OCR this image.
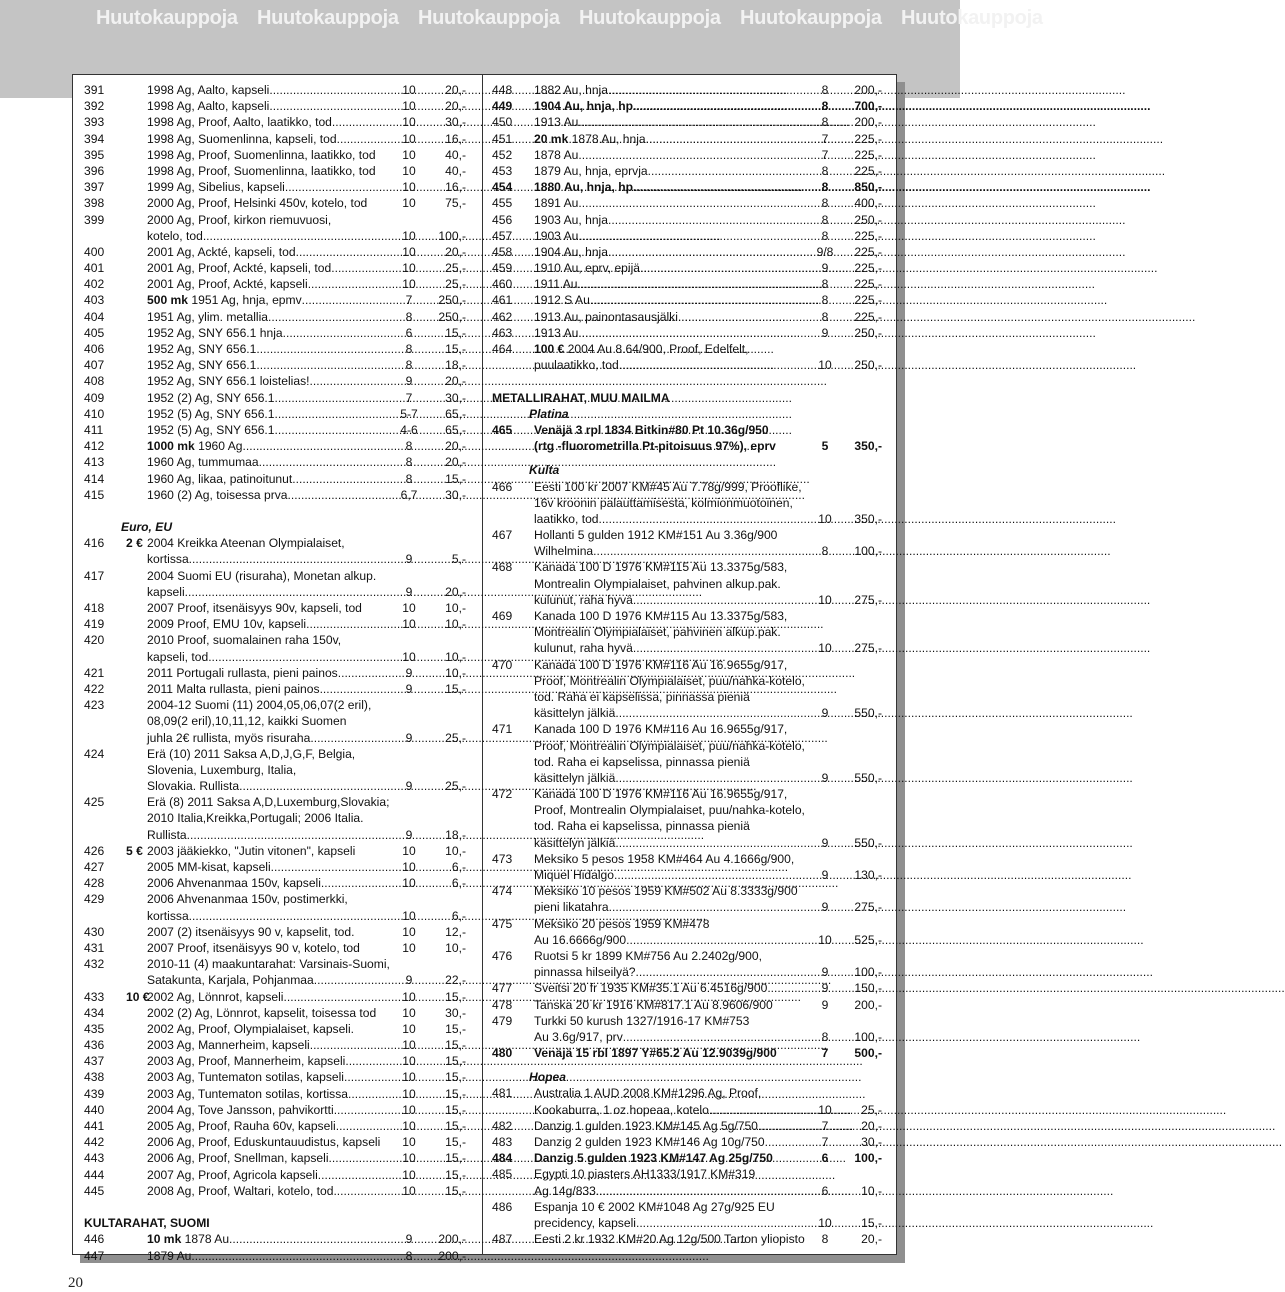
Huutokauppoja Huutokauppoja Huutokauppoja Huutokauppoja Huutokauppoja Huutokauppoja
391	1998 Ag, Aalto, kapseli .....	10	20,-
392	1998 Ag, Aalto, kapseli .....	10	20,-
393	1998 Ag, Proof, Aalto, laatikko, tod .....	10	30,-
394	1998 Ag, Suomenlinna, kapseli, tod .....	10	16,-
395	1998 Ag, Proof, Suomenlinna, laatikko, tod	10	40,-
396	1998 Ag, Proof, Suomenlinna, laatikko, tod	10	40,-
397	1999 Ag, Sibelius, kapseli .....	10	16,-
398	2000 Ag, Proof, Helsinki 450v, kotelo, tod	10	75,-
399	2000 Ag, Proof, kirkon riemuvuosi,
kotelo, tod .....	10	100,-
400	2001 Ag, Ackté, kapseli, tod .....	10	20,-
401	2001 Ag, Proof, Ackté, kapseli, tod .....	10	25,-
402	2001 Ag, Proof, Ackté, kapseli .....	10	25,-
403	500 mk 1951 Ag, hnja, epmv .....	7	250,-
404	1951 Ag, ylim. metallia .....	8	250,-
405	1952 Ag, SNY 656.1 hnja .....	6	15,-
406	1952 Ag, SNY 656.1 .....	8	15,-
407	1952 Ag, SNY 656.1 .....	8	18,-
408	1952 Ag, SNY 656.1 loistelias! .....	9	20,-
409	1952 (2) Ag, SNY 656.1 .....	7	30,-
410	1952 (5) Ag, SNY 656.1 .....	5-7	65,-
411	1952 (5) Ag, SNY 656.1 .....	4-6	65,-
412	1000 mk 1960 Ag .....	8	20,-
413	1960 Ag, tummumaa .....	8	20,-
414	1960 Ag, likaa, patinoitunut .....	8	15,-
415	1960 (2) Ag, toisessa prva .....	6,7	30,-
Euro, EU
416	2 € 2004 Kreikka Ateenan Olympialaiset,
kortissa .....	9	5,-
417	2004 Suomi EU (risuraha), Monetan alkup.
kapseli .....	9	20,-
418	2007 Proof, itsenäisyys 90v, kapseli, tod	10	10,-
419	2009 Proof, EMU 10v, kapseli .....	10	10,-
420	2010 Proof, suomalainen raha 150v,
kapseli, tod .....	10	10,-
421	2011 Portugali rullasta, pieni painos .....	9	10,-
422	2011 Malta rullasta, pieni painos .....	9	15,-
423	2004-12 Suomi (11) 2004,05,06,07(2 eril),
08,09(2 eril),10,11,12, kaikki Suomen
juhla 2€ rullista, myös risuraha .....	9	25,-
424	Erä (10) 2011 Saksa A,D,J,G,F, Belgia,
Slovenia, Luxemburg, Italia,
Slovakia. Rullista .....	9	25,-
425	Erä (8) 2011 Saksa A,D,Luxemburg,Slovakia;
2010 Italia,Kreikka,Portugali; 2006 Italia.
Rullista .....	9	18,-
426	5 € 2003 jääkiekko, "Jutin vitonen", kapseli	10	10,-
427	2005 MM-kisat, kapseli .....	10	6,-
428	2006 Ahvenanmaa 150v, kapseli .....	10	6,-
429	2006 Ahvenanmaa 150v, postimerkki,
kortissa .....	10	6,-
430	2007 (2) itsenäisyys 90 v, kapselit, tod.	10	12,-
431	2007 Proof, itsenäisyys 90 v, kotelo, tod	10	10,-
432	2010-11 (4) maakuntarahat: Varsinais-Suomi,
Satakunta, Karjala, Pohjanmaa .....	9	22,-
433	10 €
2002 Ag, Lönnrot, kapseli .....	10	15,-
434	2002 (2) Ag, Lönnrot, kapselit, toisessa tod	10	30,-
435	2002 Ag, Proof, Olympialaiset, kapseli.	10	15,-
436	2003 Ag, Mannerheim, kapseli .....	10	15,-
437	2003 Ag, Proof, Mannerheim, kapseli .....	10	15,-
438	2003 Ag, Tuntematon sotilas, kapseli .....	10	15,-
439	2003 Ag, Tuntematon sotilas, kortissa .....	10	15,-
440	2004 Ag, Tove Jansson, pahvikortti .....	10	15,-
441	2005 Ag, Proof, Rauha 60v, kapseli .....	10	15,-
442	2006 Ag, Proof, Eduskuntauudistus, kapseli	10	15,-
443	2006 Ag, Proof, Snellman, kapseli .....	10	15,-
444	2007 Ag, Proof, Agricola kapseli .....	10	15,-
445	2008 Ag, Proof, Waltari, kotelo, tod .....	10	15,-
KULTARAHAT, SUOMI
446	10 mk 1878 Au .....	9	200,-
447	1879 Au .....	8	200,-
448	1882 Au, hnja .....	8	200,-
449	1904 Au, hnja, hp .....	8	700,-
450	1913 Au .....	8	200,-
451	20 mk 1878 Au, hnja .....	7	225,-
452	1878 Au .....	7	225,-
453	1879 Au, hnja, eprvja .....	8	225,-
454	1880 Au, hnja, hp .....	8	850,-
455	1891 Au .....	8	400,-
456	1903 Au, hnja .....	8	250,-
457	1903 Au .....	8	225,-
458	1904 Au, hnja .....	9/8	225,-
459	1910 Au, eprv, epijä .....	9	225,-
460	1911 Au .....	8	225,-
461	1912 S Au .....	8	225,-
462	1913 Au, painontasausjälki .....	8	225,-
463	1913 Au .....	9	250,-
464	100 € 2004 Au 8.64/900, Proof, Edelfelt,
puulaatikko, tod .....	10	250,-
METALLIRAHAT, MUU MAILMA
Platina
465	Venäjä 3 rpl 1834 Bitkin#80 Pt 10.36g/950
(rtg -fluorometrilla Pt-pitoisuus 97%), eprv	5	350,-
Kulta
466	Eesti 100 kr 2007 KM#45 Au 7.78g/999, Prooflike,
16v kroonin palauttamisesta, kolmionmuotoinen,
laatikko, tod .....	10	350,-
467	Hollanti 5 gulden 1912 KM#151 Au 3.36g/900
Wilhelmina .....	8	100,-
468	Kanada 100 D 1976 KM#115 Au 13.3375g/583,
Montrealin Olympialaiset, pahvinen alkup.pak.
kulunut, raha hyvä .....	10	275,-
469	Kanada 100 D 1976 KM#115 Au 13.3375g/583,
Montrealin Olympialaiset, pahvinen alkup.pak.
kulunut, raha hyvä .....	10	275,-
470	Kanada 100 D 1976 KM#116 Au 16.9655g/917,
Proof, Montrealin Olympialaiset, puu/nahka-kotelo,
tod. Raha ei kapselissa, pinnassa pieniä
käsittelyn jälkiä .....	9	550,-
471	Kanada 100 D 1976 KM#116 Au 16.9655g/917,
Proof, Montrealin Olympialaiset, puu/nahka-kotelo,
tod. Raha ei kapselissa, pinnassa pieniä
käsittelyn jälkiä .....	9	550,-
472	Kanada 100 D 1976 KM#116 Au 16.9655g/917,
Proof, Montrealin Olympialaiset, puu/nahka-kotelo,
tod. Raha ei kapselissa, pinnassa pieniä
käsittelyn jälkiä .....	9	550,-
473	Meksiko 5 pesos 1958 KM#464 Au 4.1666g/900,
Miquel Hidalgo .....	9	130,-
474	Meksiko 10 pesos 1959 KM#502 Au 8.3333g/900
pieni likatahra .....	9	275,-
475	Meksiko 20 pesos 1959 KM#478
Au 16.6666g/900 .....	10	525,-
476	Ruotsi 5 kr 1899 KM#756 Au 2.2402g/900,
pinnassa hilseilyä? .....	9	100,-
477	Sveitsi 20 fr 1935 KM#35.1 Au 6.4516g/900 .....	9	150,-
478	Tanska 20 kr 1916 KM#817.1 Au 8.9606/900	9	200,-
479	Turkki 50 kurush 1327/1916-17 KM#753
Au 3.6g/917, prv .....	8	100,-
480	Venäjä 15 rbl 1897 Y#65.2 Au 12.9039g/900	7	500,-
Hopea
481	Australia 1 AUD 2008 KM#1296 Ag, Proof,
Kookaburra, 1 oz hopeaa, kotelo .....	10	25,-
482	Danzig 1 gulden 1923 KM#145 Ag 5g/750 .....	7	20,-
483	Danzig 2 gulden 1923 KM#146 Ag 10g/750 .....	7	30,-
484	Danzig 5 gulden 1923 KM#147 Ag 25g/750	6	100,-
485	Egypti 10 piasters AH1333/1917 KM#319
Ag 14g/833 .....	6	10,-
486	Espanja 10 € 2002 KM#1048 Ag 27g/925 EU
precidency, kapseli .....	10	15,-
487	Eesti 2 kr 1932 KM#20 Ag 12g/500 Tarton yliopisto	8	20,-
20
